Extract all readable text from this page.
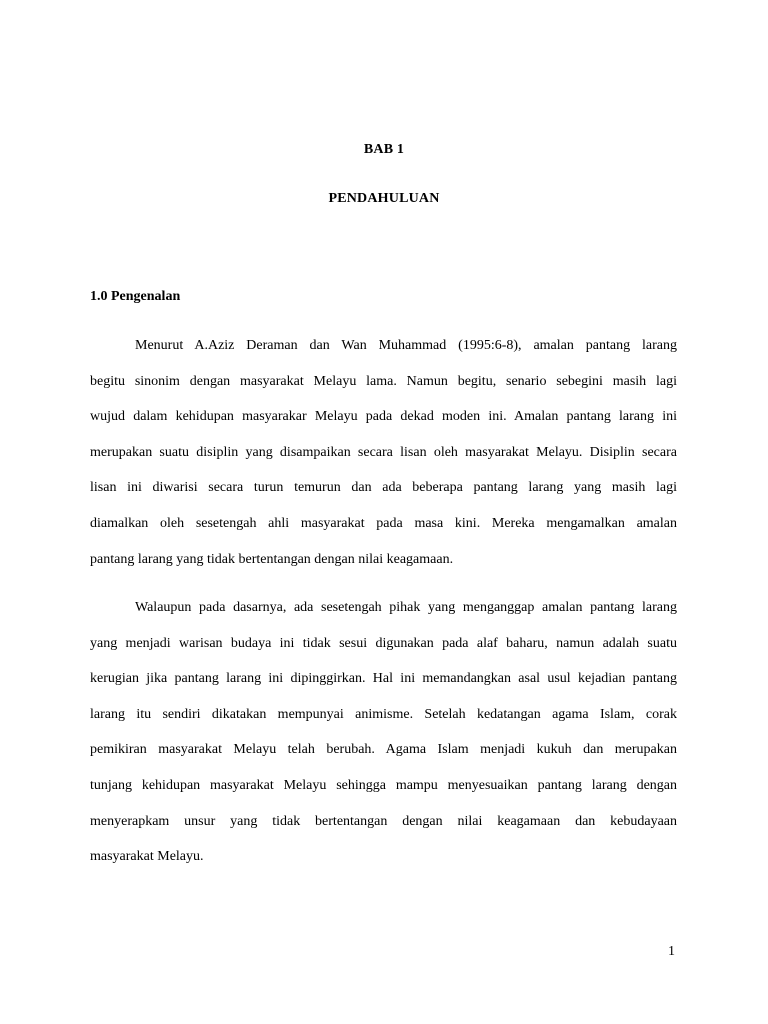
BAB 1
PENDAHULUAN
1.0 Pengenalan
Menurut A.Aziz Deraman dan Wan Muhammad (1995:6-8), amalan pantang larang
begitu sinonim dengan masyarakat Melayu lama. Namun begitu, senario sebegini masih lagi
wujud dalam kehidupan masyarakar Melayu pada dekad moden ini. Amalan pantang larang ini
merupakan suatu disiplin yang disampaikan secara lisan oleh masyarakat Melayu. Disiplin secara
lisan ini diwarisi secara turun temurun dan ada beberapa pantang larang yang masih lagi
diamalkan oleh sesetengah ahli masyarakat pada masa kini. Mereka mengamalkan amalan
pantang larang yang tidak bertentangan dengan nilai keagamaan.
Walaupun pada dasarnya, ada sesetengah pihak yang menganggap amalan pantang larang
yang menjadi warisan budaya ini tidak sesui digunakan pada alaf baharu, namun adalah suatu
kerugian jika pantang larang ini dipinggirkan. Hal ini memandangkan asal usul kejadian pantang
larang itu sendiri dikatakan mempunyai animisme. Setelah kedatangan agama Islam, corak
pemikiran masyarakat Melayu telah berubah. Agama Islam menjadi kukuh dan merupakan
tunjang kehidupan masyarakat Melayu sehingga mampu menyesuaikan pantang larang dengan
menyerapkam unsur yang tidak bertentangan dengan nilai keagamaan dan kebudayaan
masyarakat Melayu.
1
